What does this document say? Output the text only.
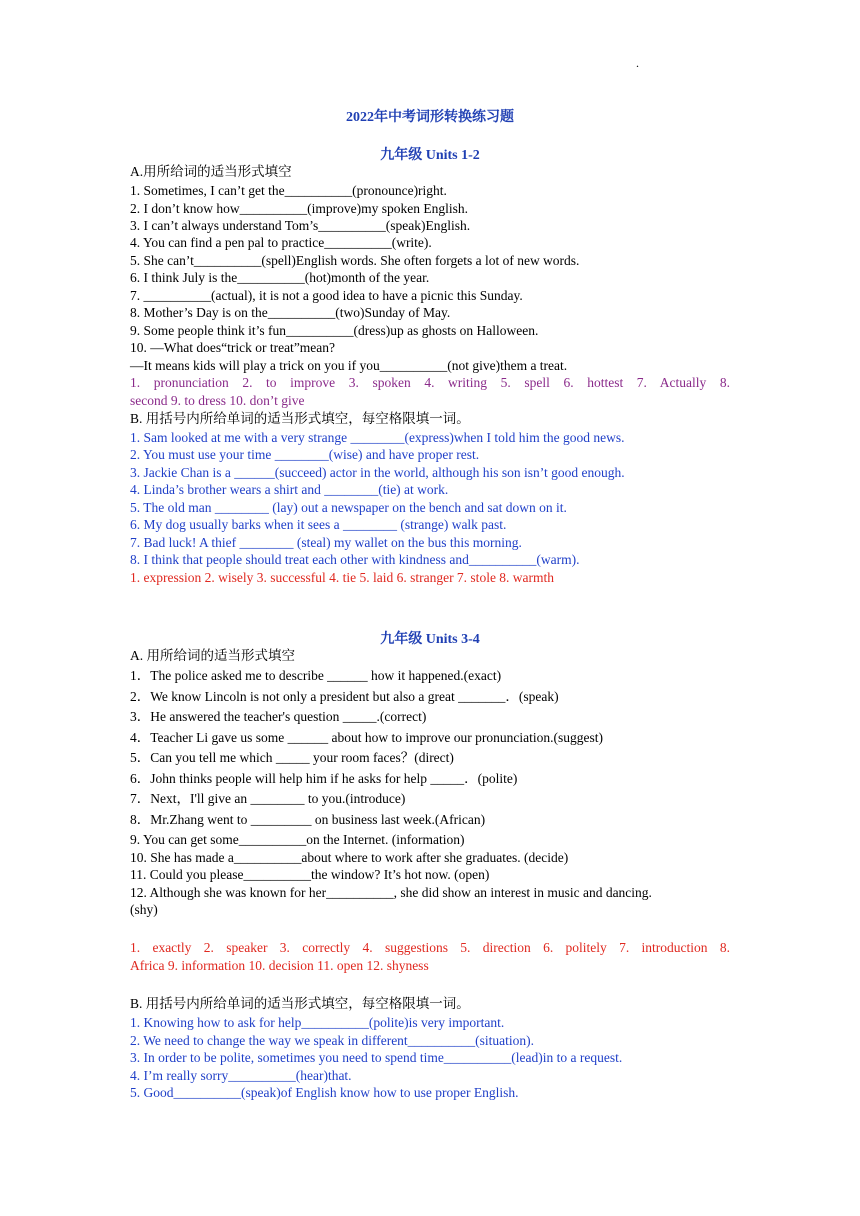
.
2022年中考词形转换练习题
九年级 Units 1-2
A.用所给词的适当形式填空
1. Sometimes, I can’t get the__________(pronounce)right.
2. I don’t know how__________(improve)my spoken English.
3. I can’t always understand Tom’s__________(speak)English.
4. You can find a pen pal to practice__________(write).
5. She can’t__________(spell)English words. She often forgets a lot of new words.
6. I think July is the__________(hot)month of the year.
7. __________(actual), it is not a good idea to have a picnic this Sunday.
8. Mother’s Day is on the__________(two)Sunday of May.
9. Some people think it’s fun__________(dress)up as ghosts on Halloween.
10. —What does“trick or treat”mean?
—It means kids will play a trick on you if you__________(not give)them a treat.
1. pronunciation 2. to improve 3. spoken 4. writing 5. spell 6. hottest 7. Actually 8.
second 9. to dress 10. don’t give
B. 用括号内所给单词的适当形式填空，每空格限填一词。
1. Sam looked at me with a very strange ________(express)when I told him the good news.
2. You must use your time ________(wise) and have proper rest.
3. Jackie Chan is a ______(succeed) actor in the world, although his son isn’t good enough.
4. Linda’s brother wears a shirt and ________(tie) at work.
5. The old man ________ (lay) out a newspaper on the bench and sat down on it.
6. My dog usually barks when it sees a ________ (strange) walk past.
7. Bad luck! A thief ________ (steal) my wallet on the bus this morning.
8. I think that people should treat each other with kindness and__________(warm).
1. expression 2. wisely 3. successful 4. tie 5. laid 6. stranger 7. stole 8. warmth
九年级 Units 3-4
A. 用所给词的适当形式填空
1．The police asked me to describe ______ how it happened.(exact)
2．We know Lincoln is not only a president but also a great _______．(speak)
3．He answered the teacher's question _____.(correct)
4．Teacher Li gave us some ______ about how to improve our pronunciation.(suggest)
5．Can you tell me which _____ your room faces？(direct)
6．John thinks people will help him if he asks for help _____．(polite)
7．Next，I'll give an ________ to you.(introduce)
8．Mr.Zhang went to _________ on business last week.(African)
9. You can get some__________on the Internet. (information)
10. She has made a__________about where to work after she graduates. (decide)
11. Could you please__________the window? It’s hot now. (open)
12. Although she was known for her__________, she did show an interest in music and dancing.
(shy)
1. exactly 2. speaker 3. correctly 4. suggestions 5. direction 6. politely 7. introduction 8.
Africa 9. information 10. decision 11. open 12. shyness
B. 用括号内所给单词的适当形式填空，每空格限填一词。
1. Knowing how to ask for help__________(polite)is very important.
2. We need to change the way we speak in different__________(situation).
3. In order to be polite, sometimes you need to spend time__________(lead)in to a request.
4. I’m really sorry__________(hear)that.
5. Good__________(speak)of English know how to use proper English.
